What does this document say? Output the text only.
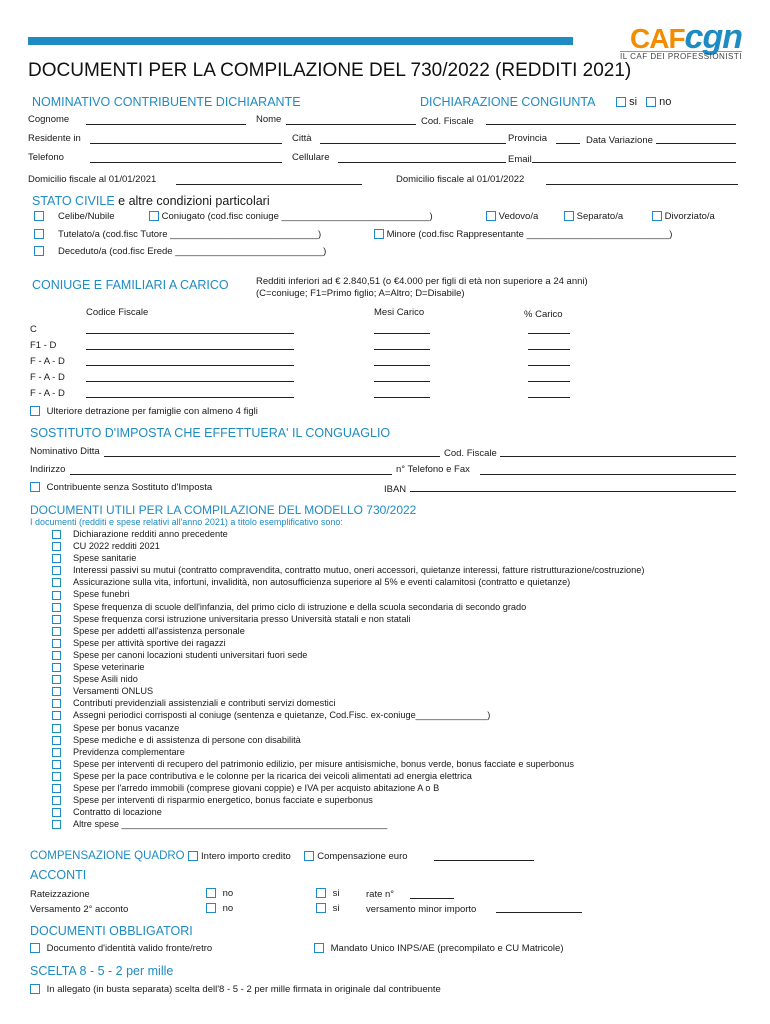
CAFcgn
IL CAF DEI PROFESSIONISTI
DOCUMENTI PER LA COMPILAZIONE DEL 730/2022 (REDDITI 2021)
NOMINATIVO CONTRIBUENTE DICHIARANTE	DICHIARAZIONE CONGIUNTA	si no
Cognome	Nome	Cod. Fiscale
Residente in	Città	Provincia	Data Variazione
Telefono	Cellulare	Email
Domicilio fiscale al 01/01/2021	Domicilio fiscale al 01/01/2022
STATO CIVILE e altre condizioni particolari
Celibe/Nubile	Coniugato (cod.fisc coniuge ____________________________)	Vedovo/a	Separato/a	Divorziato/a
Tutelato/a (cod.fisc Tutore ____________________________)	Minore (cod.fisc Rappresentante ___________________________)
Deceduto/a (cod.fisc Erede ____________________________)
CONIUGE E FAMILIARI A CARICO	Redditi inferiori ad € 2.840,51 (o €4.000 per figli di età non superiore a 24 anni)
(C=coniuge; F1=Primo figlio; A=Altro; D=Disabile)
Codice Fiscale	Mesi Carico	% Carico
C
F1 - D
F - A - D
F - A - D
F - A - D
Ulteriore detrazione per famiglie con almeno 4 figli
SOSTITUTO D'IMPOSTA CHE EFFETTUERA' IL CONGUAGLIO
Nominativo Ditta	Cod. Fiscale
Indirizzo	n° Telefono e Fax
Contribuente senza Sostituto d'Imposta	IBAN
DOCUMENTI UTILI PER LA COMPILAZIONE DEL MODELLO 730/2022
I documenti (redditi e spese relativi all'anno 2021) a titolo esemplificativo sono:
Dichiarazione redditi anno precedente
CU 2022 redditi 2021
Spese sanitarie
Interessi passivi su mutui (contratto compravendita, contratto mutuo, oneri accessori, quietanze interessi, fatture ristrutturazione/costruzione)
Assicurazione sulla vita, infortuni, invalidità, non autosufficienza superiore al 5% e eventi calamitosi (contratto e quietanze)
Spese funebri
Spese frequenza di scuole dell'infanzia, del primo ciclo di istruzione e della scuola secondaria di secondo grado
Spese frequenza corsi istruzione universitaria presso Università statali e non statali
Spese per addetti all'assistenza personale
Spese per attività sportive dei ragazzi
Spese per canoni locazioni studenti universitari fuori sede
Spese veterinarie
Spese Asili nido
Versamenti ONLUS
Contributi previdenziali assistenziali e contributi servizi domestici
Assegni periodici corrisposti al coniuge (sentenza e quietanze, Cod.Fisc. ex-coniuge______________)
Spese per bonus vacanze
Spese mediche e di assistenza di persone con disabilità
Previdenza complementare
Spese per interventi di recupero del patrimonio edilizio, per misure antisismiche, bonus verde, bonus facciate e superbonus
Spese per la pace contributiva e le colonne per la ricarica dei veicoli alimentati ad energia elettrica
Spese per l'arredo immobili (comprese giovani coppie) e IVA per acquisto abitazione A o B
Spese per interventi di risparmio energetico, bonus facciate e superbonus
Contratto di locazione
Altre spese ____________________________________________________
COMPENSAZIONE QUADRO Intero importo credito	Compensazione euro
ACCONTI
Rateizzazione	no	si	rate n°
Versamento 2° acconto	no	si	versamento minor importo
DOCUMENTI OBBLIGATORI
Documento d'identità valido fronte/retro	Mandato Unico INPS/AE (precompilato e CU Matricole)
SCELTA 8 - 5 - 2 per mille
In allegato (in busta separata) scelta dell'8 - 5 - 2 per mille firmata in originale dal contribuente
